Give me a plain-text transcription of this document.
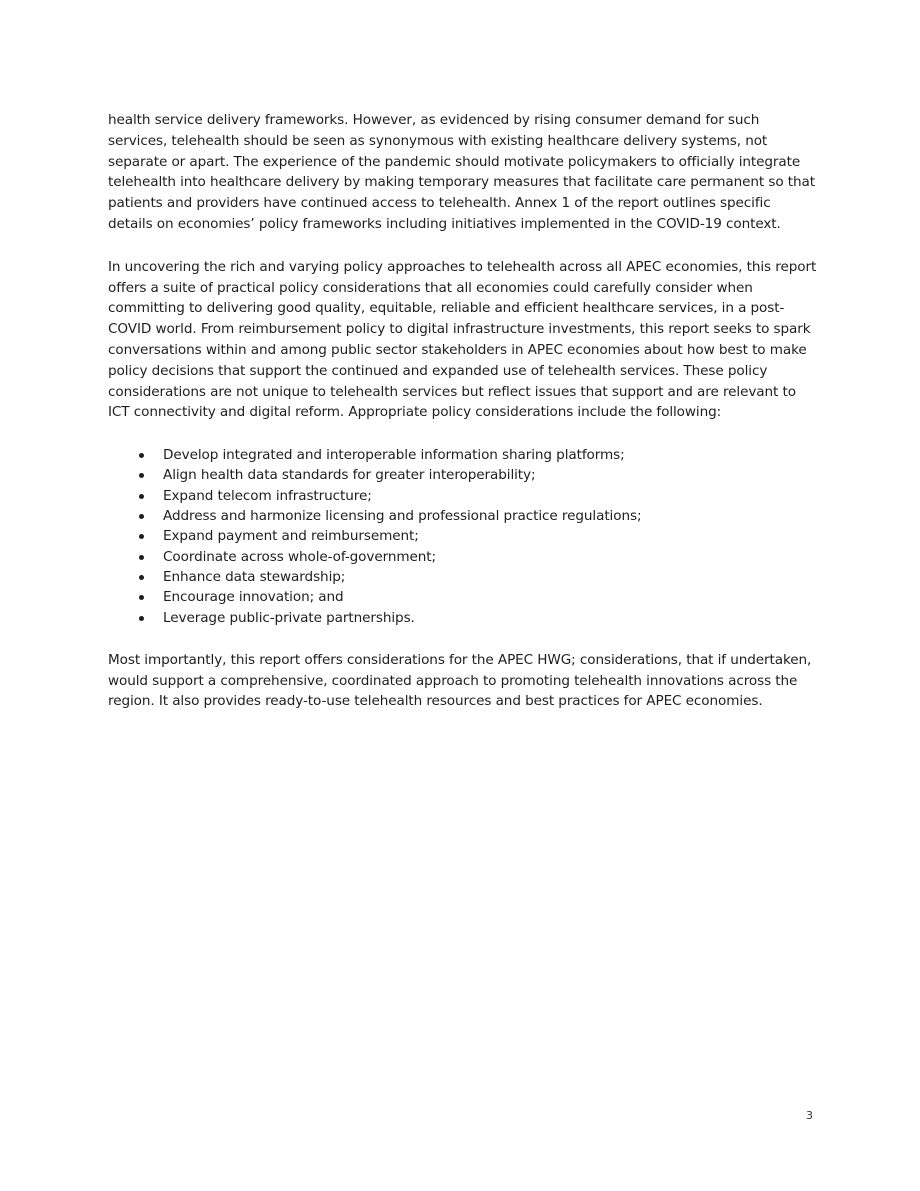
health service delivery frameworks. However, as evidenced by rising consumer demand for such services, telehealth should be seen as synonymous with existing healthcare delivery systems, not separate or apart. The experience of the pandemic should motivate policymakers to officially integrate telehealth into healthcare delivery by making temporary measures that facilitate care permanent so that patients and providers have continued access to telehealth. Annex 1 of the report outlines specific details on economies’ policy frameworks including initiatives implemented in the COVID-19 context.

In uncovering the rich and varying policy approaches to telehealth across all APEC economies, this report offers a suite of practical policy considerations that all economies could carefully consider when committing to delivering good quality, equitable, reliable and efficient healthcare services, in a post-COVID world. From reimbursement policy to digital infrastructure investments, this report seeks to spark conversations within and among public sector stakeholders in APEC economies about how best to make policy decisions that support the continued and expanded use of telehealth services. These policy considerations are not unique to telehealth services but reflect issues that support and are relevant to ICT connectivity and digital reform. Appropriate policy considerations include the following:

Develop integrated and interoperable information sharing platforms;
Align health data standards for greater interoperability;
Expand telecom infrastructure;
Address and harmonize licensing and professional practice regulations;
Expand payment and reimbursement;
Coordinate across whole-of-government;
Enhance data stewardship;
Encourage innovation; and
Leverage public-private partnerships.

Most importantly, this report offers considerations for the APEC HWG; considerations, that if undertaken, would support a comprehensive, coordinated approach to promoting telehealth innovations across the region. It also provides ready-to-use telehealth resources and best practices for APEC economies.

3
